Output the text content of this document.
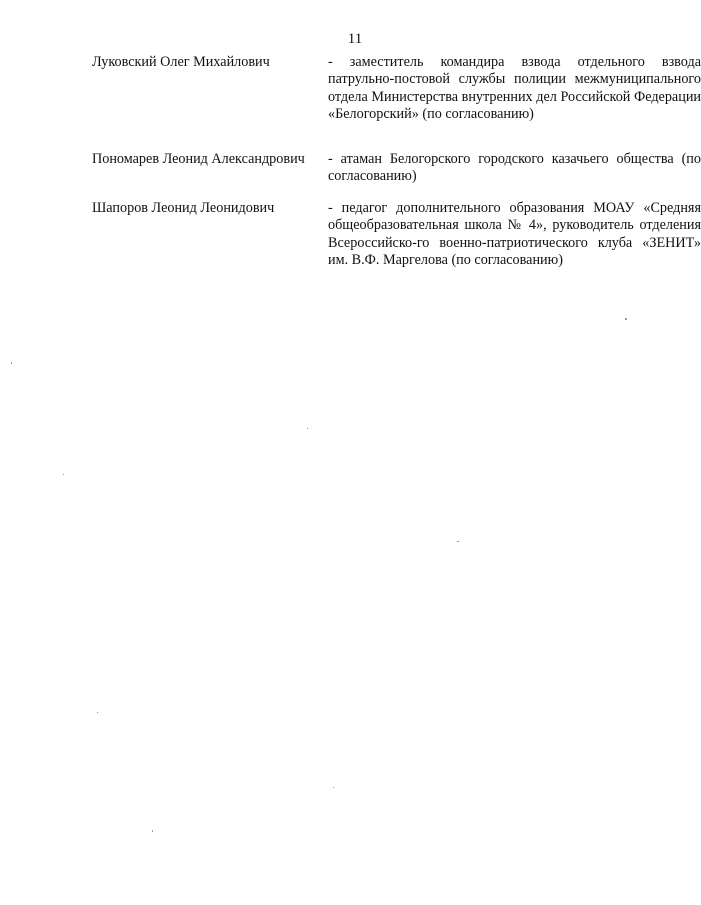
11
Луковский Олег Михайлович	- заместитель командира взвода отдельного взвода патрульно-постовой службы полиции межмуниципального отдела Министерства внутренних дел Российской Федерации «Белогорский» (по согласованию)
Пономарев Леонид Александрович	- атаман Белогорского городского казачьего общества (по согласованию)
Шапоров Леонид Леонидович	- педагог дополнительного образования МОАУ «Средняя общеобразовательная школа № 4», руководитель отделения Всероссийско-го военно-патриотического клуба «ЗЕНИТ» им. В.Ф. Маргелова (по согласованию)
